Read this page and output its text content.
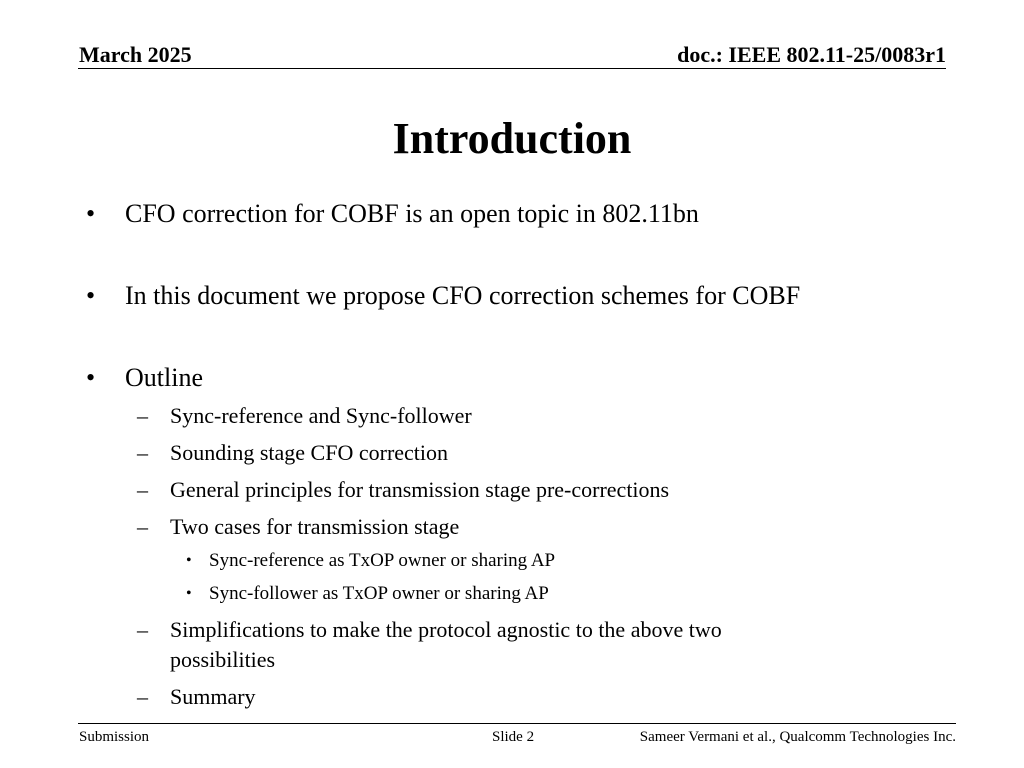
March 2025	doc.: IEEE 802.11-25/0083r1
Introduction
• CFO correction for COBF is an open topic in 802.11bn
• In this document we propose CFO correction schemes for COBF
• Outline
– Sync-reference and Sync-follower
– Sounding stage CFO correction
– General principles for transmission stage pre-corrections
– Two cases for transmission stage
• Sync-reference as TxOP owner or sharing AP
• Sync-follower as TxOP owner or sharing AP
– Simplifications to make the protocol agnostic to the above two
possibilities
– Summary
Submission	Slide 2	Sameer Vermani et al., Qualcomm Technologies Inc.
